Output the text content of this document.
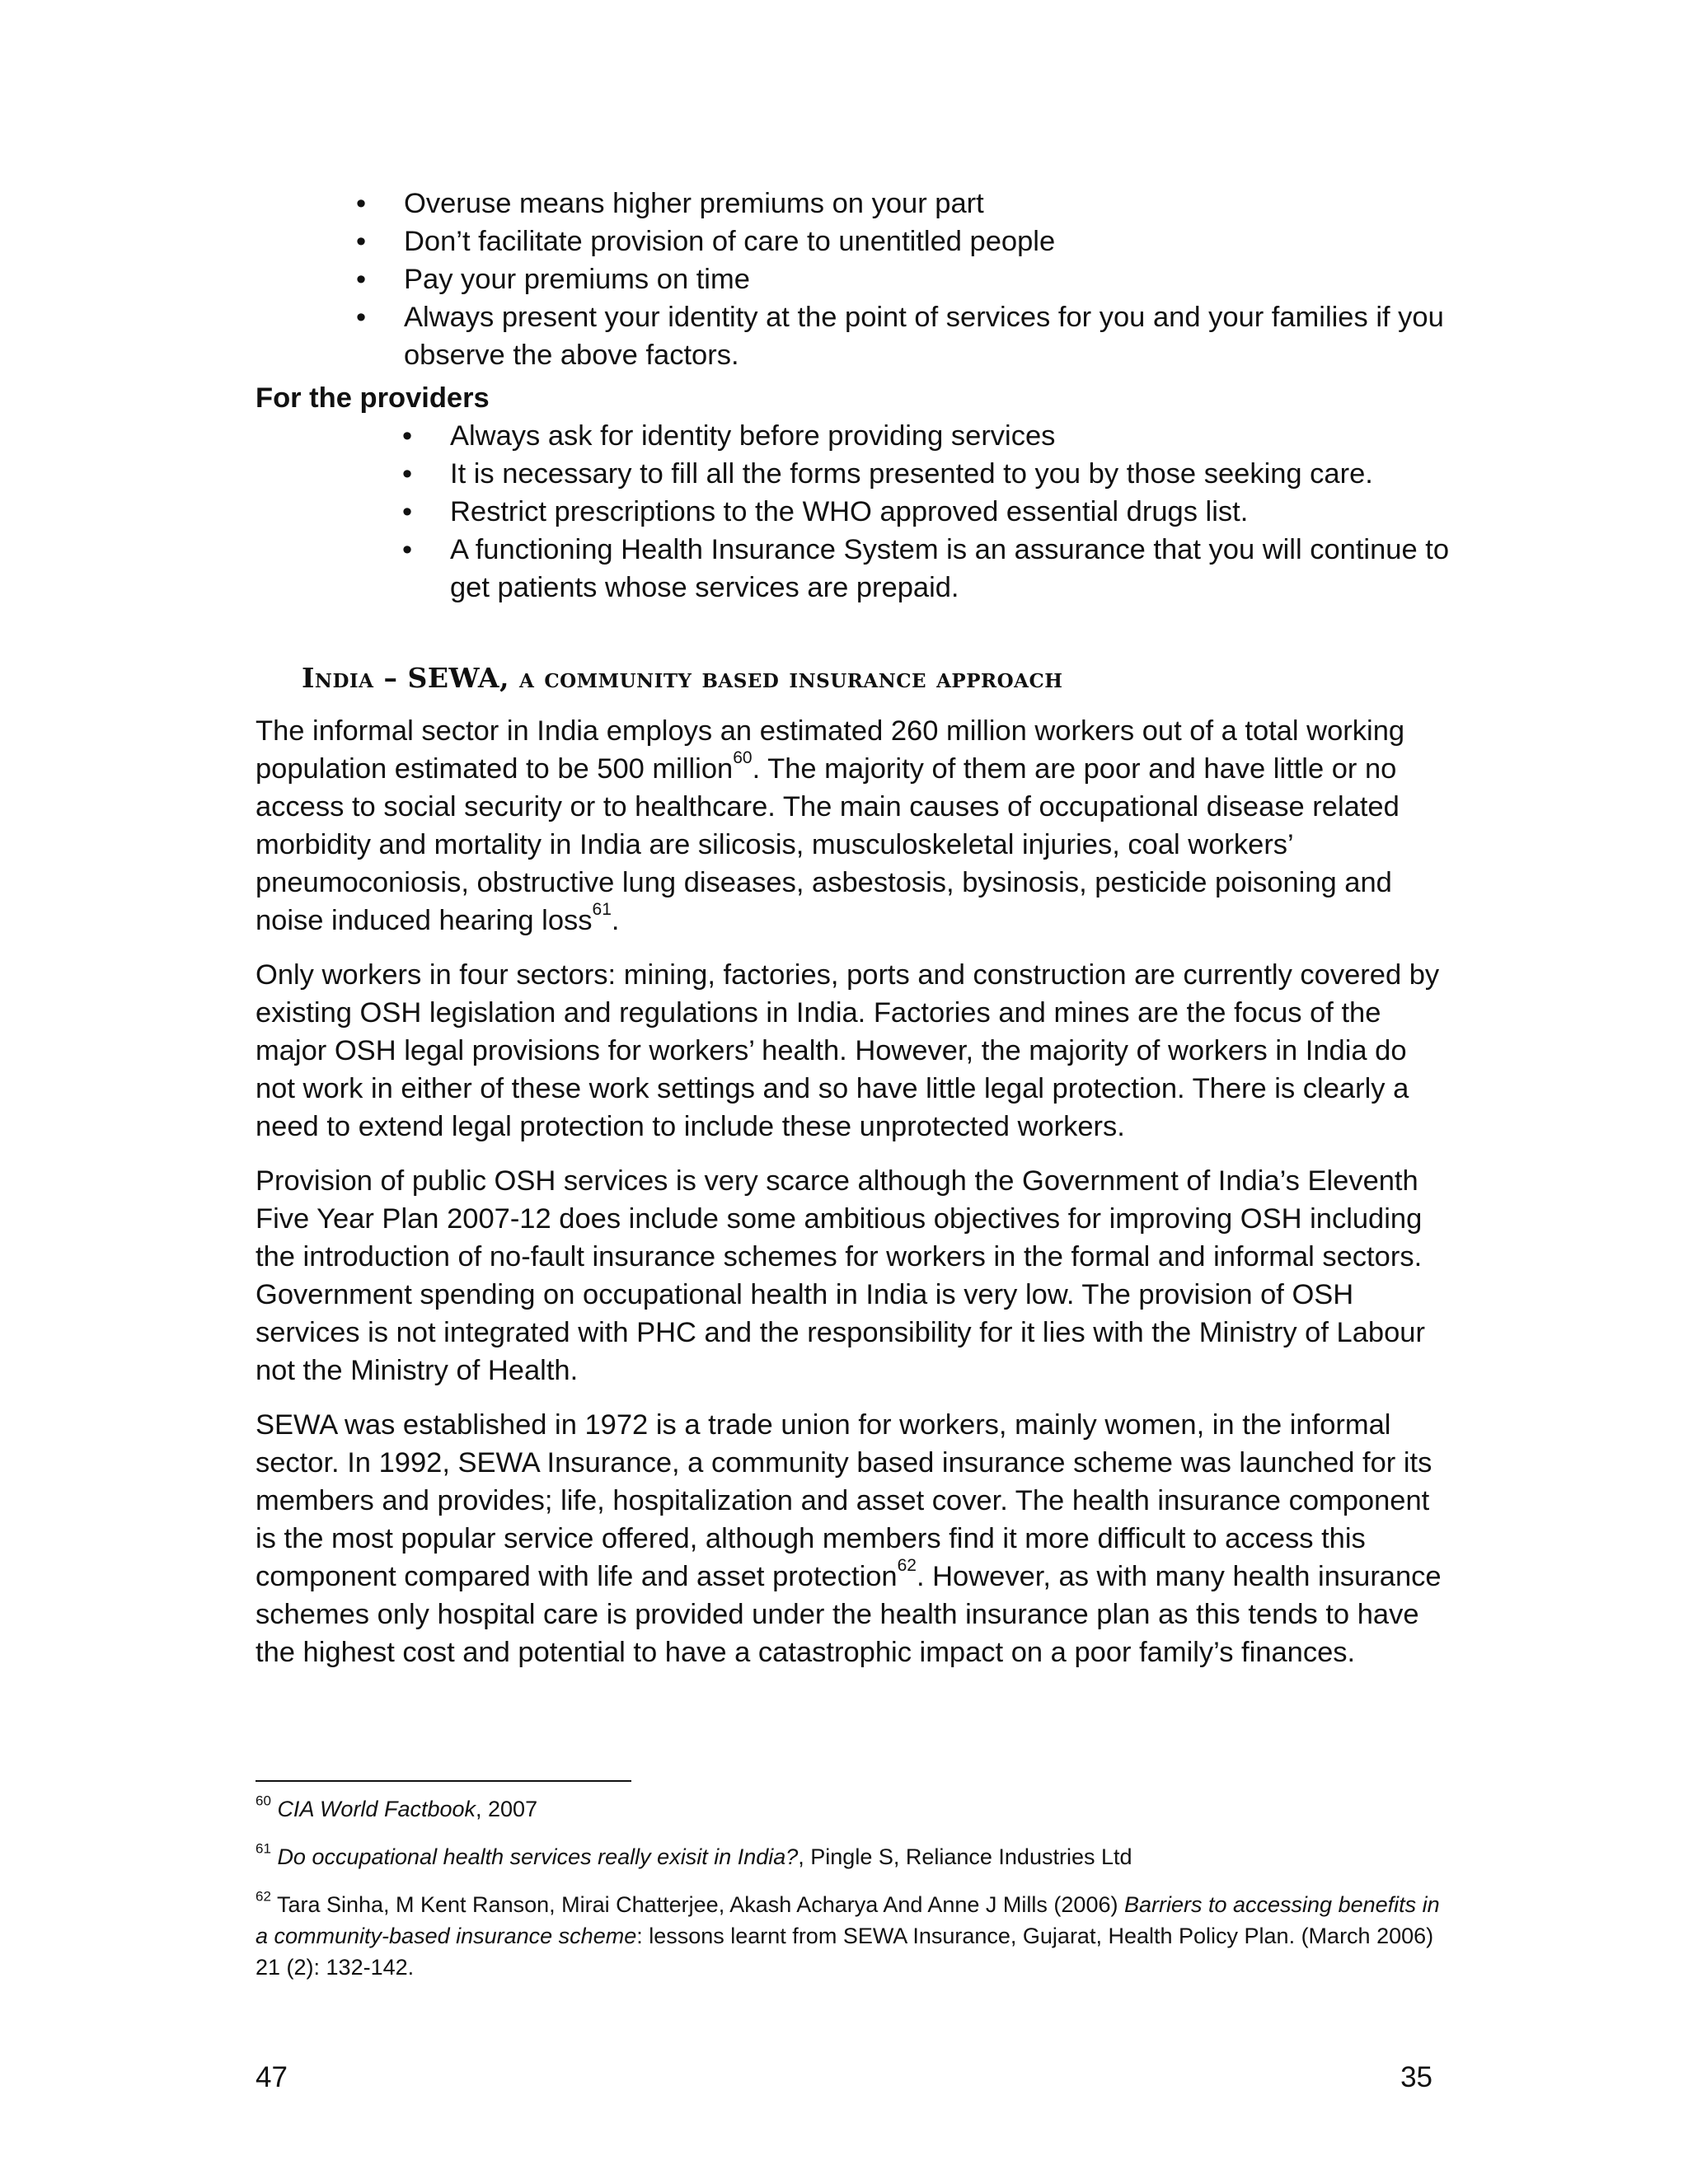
•	Overuse means higher premiums on your part
•	Don’t facilitate provision of care to unentitled people
•	Pay your premiums on time
•	Always present your identity at the point of services for you and your families if you observe the above factors.
For the providers
•	Always ask for identity before providing services
•	It is necessary to fill all the forms presented to you by those seeking care.
•	Restrict prescriptions to the WHO approved essential drugs list.
•	A functioning Health Insurance System is an assurance that you will continue to get patients whose services are prepaid.
India – SEWA, a community based insurance approach

The informal sector in India employs an estimated 260 million workers out of a total working population estimated to be 500 million$^{60}$. The majority of them are poor and have little or no access to social security or to healthcare. The main causes of occupational disease related morbidity and mortality in India are silicosis, musculoskeletal injuries, coal workers’ pneumoconiosis, obstructive lung diseases, asbestosis, bysinosis, pesticide poisoning and noise induced hearing loss$^{61}$.

Only workers in four sectors: mining, factories, ports and construction are currently covered by existing OSH legislation and regulations in India. Factories and mines are the focus of the major OSH legal provisions for workers’ health. However, the majority of workers in India do not work in either of these work settings and so have little legal protection. There is clearly a need to extend legal protection to include these unprotected workers.

Provision of public OSH services is very scarce although the Government of India’s Eleventh Five Year Plan 2007-12 does include some ambitious objectives for improving OSH including the introduction of no-fault insurance schemes for workers in the formal and informal sectors. Government spending on occupational health in India is very low. The provision of OSH services is not integrated with PHC and the responsibility for it lies with the Ministry of Labour not the Ministry of Health.

SEWA was established in 1972 is a trade union for workers, mainly women, in the informal sector. In 1992, SEWA Insurance, a community based insurance scheme was launched for its members and provides; life, hospitalization and asset cover. The health insurance component is the most popular service offered, although members find it more difficult to access this component compared with life and asset protection$^{62}$. However, as with many health insurance schemes only hospital care is provided under the health insurance plan as this tends to have the highest cost and potential to have a catastrophic impact on a poor family’s finances.

$^{60}$ CIA World Factbook, 2007

$^{61}$ Do occupational health services really exisit in India?, Pingle S, Reliance Industries Ltd

$^{62}$ Tara Sinha, M Kent Ranson, Mirai Chatterjee, Akash Acharya And Anne J Mills (2006) Barriers to accessing benefits in a community-based insurance scheme: lessons learnt from SEWA Insurance, Gujarat, Health Policy Plan. (March 2006) 21 (2): 132-142.

47	35
